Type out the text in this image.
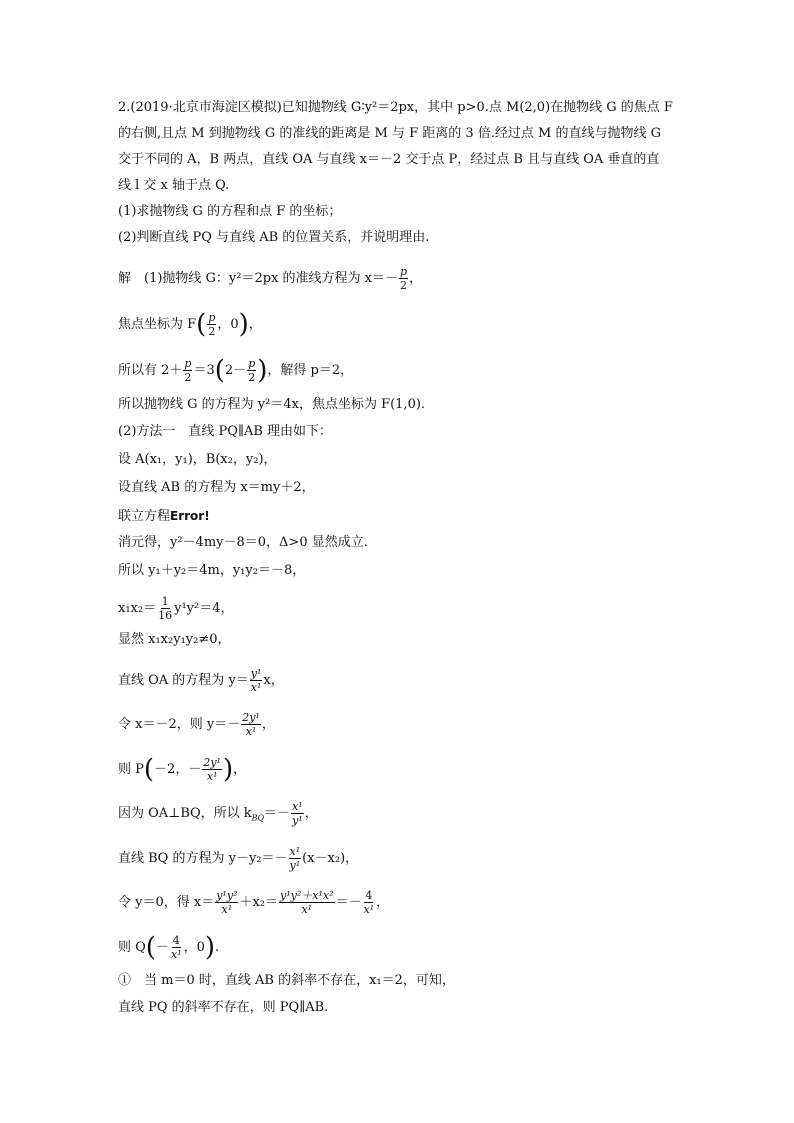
2.(2019·北京市海淀区模拟)已知抛物线 G∶y²＝2px，其中 p>0.点 M(2,0)在抛物线 G 的焦点 F
的右侧,且点 M 到抛物线 G 的准线的距离是 M 与 F 距离的 3 倍.经过点 M 的直线与抛物线 G
交于不同的 A，B 两点，直线 OA 与直线 x＝－2 交于点 P，经过点 B 且与直线 OA 垂直的直
线 l 交 x 轴于点 Q.
(1)求抛物线 G 的方程和点 F 的坐标；
(2)判断直线 PQ 与直线 AB 的位置关系，并说明理由.
解　(1)抛物线 G：y²＝2px 的准线方程为 $x=- \frac{p}{2}$ ，
焦点坐标为 $F( \frac{p}{2}$ ，0)，
所以有 $2+ \frac{p}{2} =3(2- \frac{p}{2}$ )，解得 p＝2，
所以抛物线 G 的方程为 y²＝4x，焦点坐标为 F(1,0).
(2)方法一　直线 PQ∥AB 理由如下：
设 A(x₁，y₁)，B(x₂，y₂)，
设直线 AB 的方程为 x＝my＋2，
联立方程Error!
消元得，y²－4my－8＝0，Δ>0 显然成立.
所以 y₁＋y₂＝4m，y₁y₂＝－8，
$x_1x_2= \frac{1}{16} y^1y^2=4$，
显然 x₁x₂y₁y₂≠0，
直线 OA 的方程为 $y= \frac{\text{y¹}}{\text{x¹}}$ x，
令 x＝－2，则 $y=- \frac{\text{2y¹}}{\text{x¹}}$ ，
则 P(－2，－ $\frac{\text{2y¹}}{\text{x¹}}$ )，
因为 OA⊥BQ，所以 $k_{BQ}=- \frac{\text{x¹}}{\text{y¹}}$ ，
直线 BQ 的方程为 $y-y_2=- \frac{\text{x¹}}{\text{y¹}} (x-x_2)$，
令 y＝0，得 $x= \frac{\text{y¹y²}}{\text{x¹}} +x_2= \frac{\text{y¹y²＋x¹x²}}{\text{x¹}} =- \frac{4}{\text{x¹}}$ ，
则 $Q(- \frac{4}{\text{x¹}}$ ，0).
①　当 m＝0 时，直线 AB 的斜率不存在，x₁＝2，可知，
直线 PQ 的斜率不存在，则 PQ∥AB.
